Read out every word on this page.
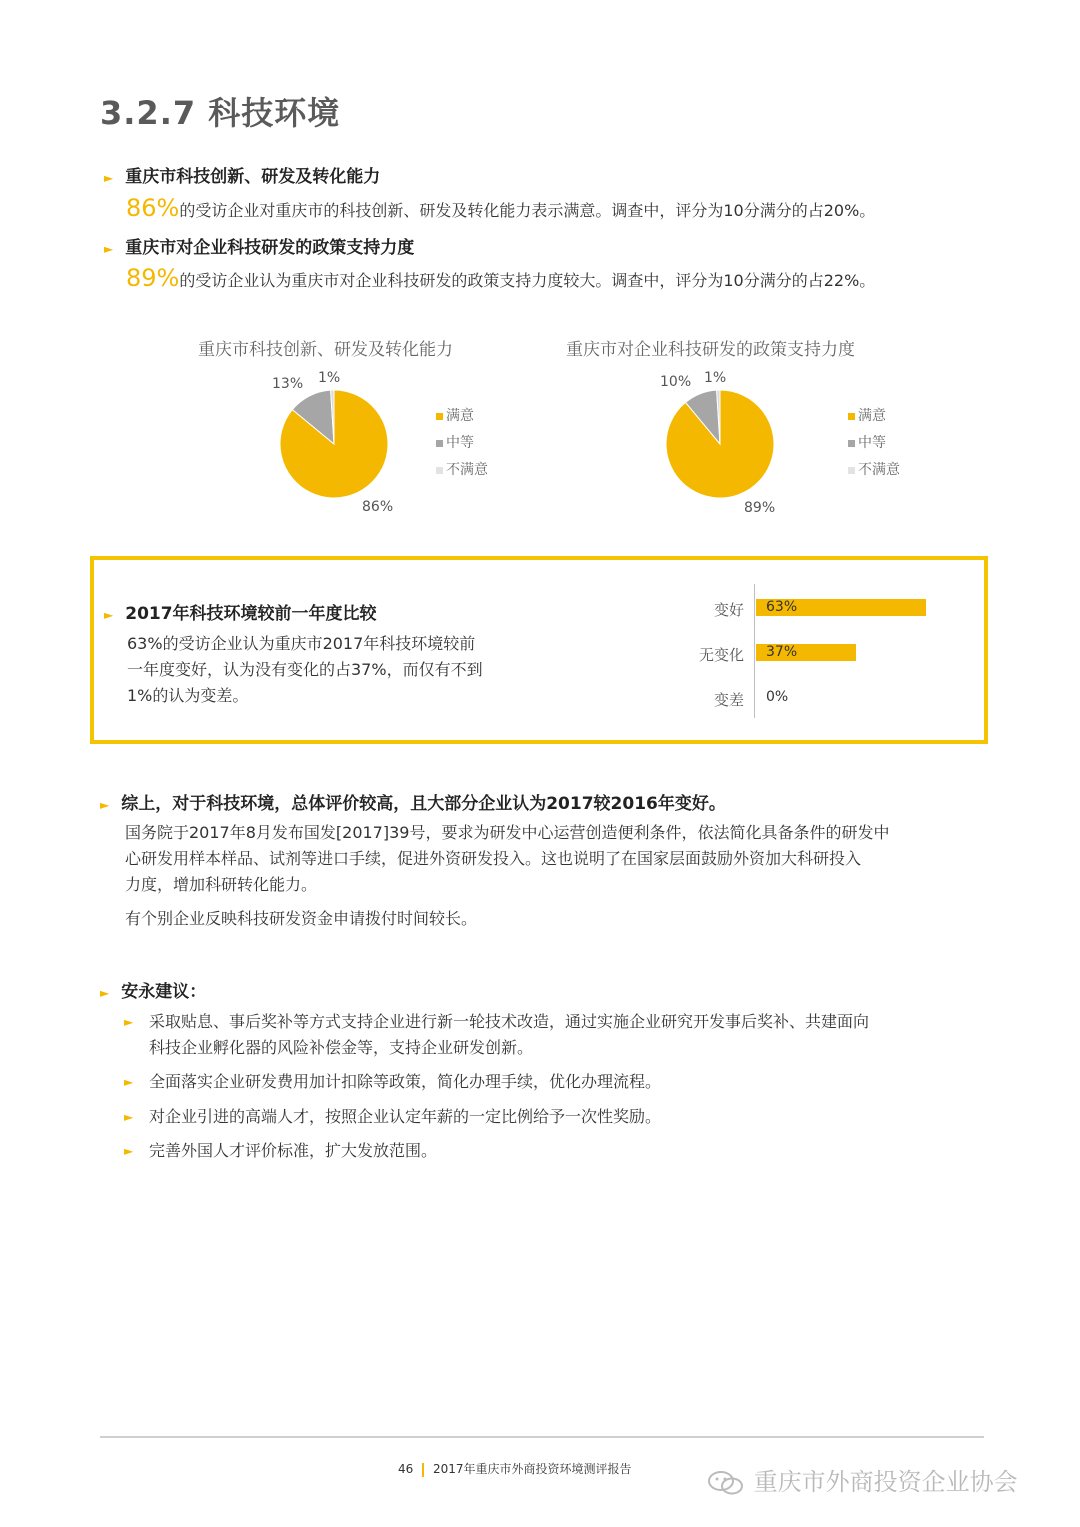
3.2.7 科技环境
► 重庆市科技创新、研发及转化能力
86%的受访企业对重庆市的科技创新、研发及转化能力表示满意。调查中，评分为10分满分的占20%。
► 重庆市对企业科技研发的政策支持力度
89%的受访企业认为重庆市对企业科技研发的政策支持力度较大。调查中，评分为10分满分的占22%。
重庆市科技创新、研发及转化能力
13% 1%
86%
满意
中等
不满意
重庆市对企业科技研发的政策支持力度
10% 1%
89%
满意
中等
不满意
► 2017年科技环境较前一年度比较
63%的受访企业认为重庆市2017年科技环境较前
一年度变好，认为没有变化的占37%，而仅有不到
1%的认为变差。
变好
无变化
变差
63%
37%
0%
► 综上，对于科技环境，总体评价较高，且大部分企业认为2017较2016年变好。
国务院于2017年8月发布国发[2017]39号，要求为研发中心运营创造便利条件，依法简化具备条件的研发中
心研发用样本样品、试剂等进口手续，促进外资研发投入。这也说明了在国家层面鼓励外资加大科研投入
力度，增加科研转化能力。
有个别企业反映科技研发资金申请拨付时间较长。
► 安永建议：
► 采取贴息、事后奖补等方式支持企业进行新一轮技术改造，通过实施企业研究开发事后奖补、共建面向
科技企业孵化器的风险补偿金等，支持企业研发创新。
► 全面落实企业研发费用加计扣除等政策，简化办理手续，优化办理流程。
► 对企业引进的高端人才，按照企业认定年薪的一定比例给予一次性奖励。
► 完善外国人才评价标准，扩大发放范围。
46 2017年重庆市外商投资环境测评报告	重庆市外商投资企业协会
